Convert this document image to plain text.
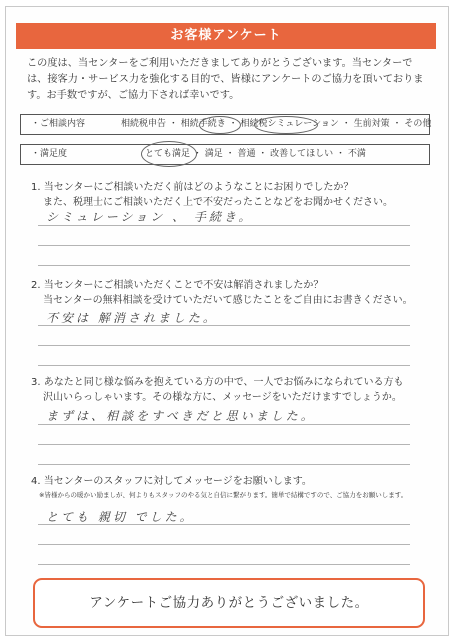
お客様アンケート
この度は、当センターをご利用いただきましてありがとうございます。当センターでは、接客力・サービス力を強化する目的で、皆様にアンケートのご協力を頂いております。お手数ですが、ご協力下されば幸いです。
・ご相談内容	相続税申告 ・ 相続手続き ・ 相続税シミュレーション ・ 生前対策 ・ その他
・満足度	とても満足 ・ 満足 ・ 普通 ・ 改善してほしい ・ 不満
1. 当センターにご相談いただく前はどのようなことにお困りでしたか？
また、税理士にご相談いただく上で不安だったことなどをお聞かせください。
シミュレーション 、 手続き。
2. 当センターにご相談いただくことで不安は解消されましたか？
当センターの無料相談を受けていただいて感じたことをご自由にお書きください。
不安は 解消されました。
3. あなたと同じ様な悩みを抱えている方の中で、一人でお悩みになられている方も
沢山いらっしゃいます。その様な方に、メッセージをいただけますでしょうか。
まずは、相談をすべきだと思いました。
4. 当センターのスタッフに対してメッセージをお願いします。
※皆様からの暖かい励ましが、何よりもスタッフのやる気と自信に繋がります。簡単で結構ですので、ご協力をお願いします。
とても 親切 でした。
アンケートご協力ありがとうございました。
